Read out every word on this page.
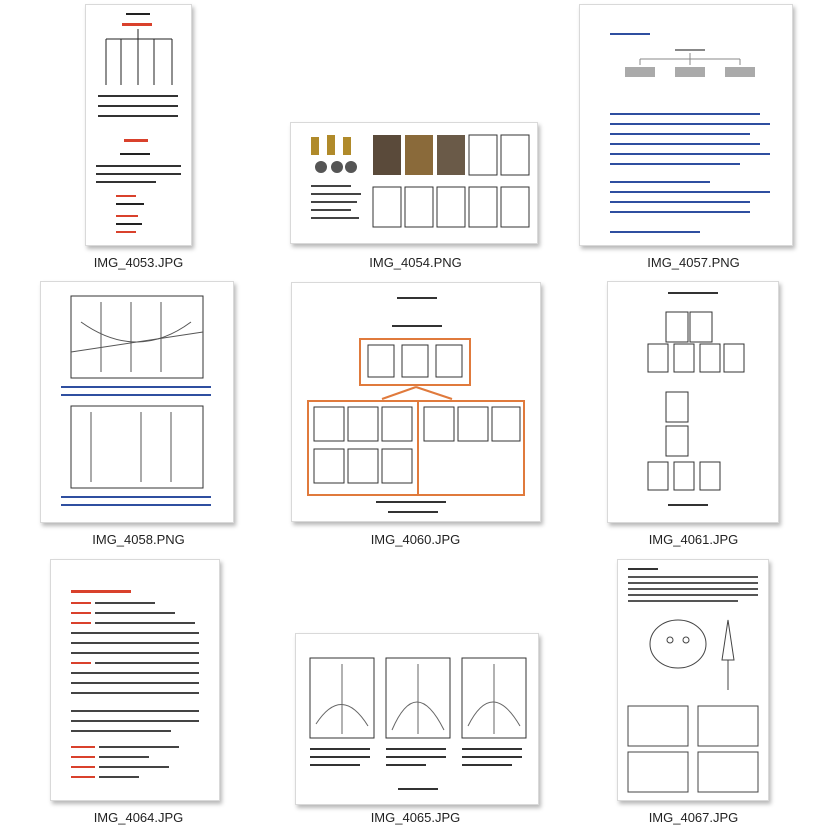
IMG_4053.JPG	IMG_4054.PNG	IMG_4057.PNG
IMG_4058.PNG	IMG_4060.JPG	IMG_4061.JPG
IMG_4064.JPG	IMG_4065.JPG	IMG_4067.JPG
